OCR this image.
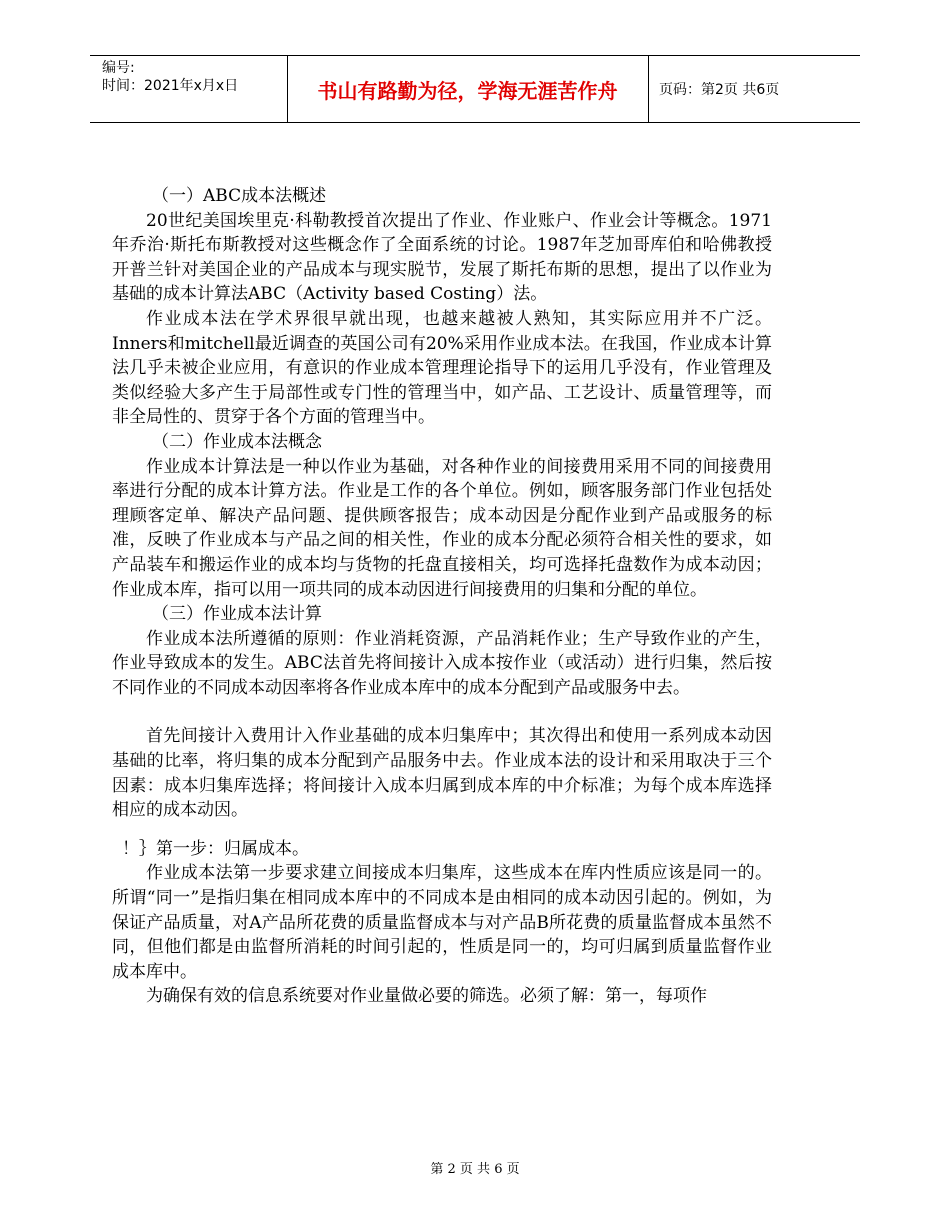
编号:
时间：2021年x月x日	书山有路勤为径，学海无涯苦作舟	页码：第2页 共6页

（一）ABC成本法概述

20世纪美国埃里克·科勒教授首次提出了作业、作业账户、作业会计等概念。1971年乔治·斯托布斯教授对这些概念作了全面系统的讨论。1987年芝加哥库伯和哈佛教授开普兰针对美国企业的产品成本与现实脱节，发展了斯托布斯的思想，提出了以作业为基础的成本计算法ABC（Activity based Costing）法。

作业成本法在学术界很早就出现，也越来越被人熟知，其实际应用并不广泛。Inners和mitchell最近调查的英国公司有20%采用作业成本法。在我国，作业成本计算法几乎未被企业应用，有意识的作业成本管理理论指导下的运用几乎没有，作业管理及类似经验大多产生于局部性或专门性的管理当中，如产品、工艺设计、质量管理等，而非全局性的、贯穿于各个方面的管理当中。

（二）作业成本法概念

作业成本计算法是一种以作业为基础，对各种作业的间接费用采用不同的间接费用率进行分配的成本计算方法。作业是工作的各个单位。例如，顾客服务部门作业包括处理顾客定单、解决产品问题、提供顾客报告；成本动因是分配作业到产品或服务的标准，反映了作业成本与产品之间的相关性，作业的成本分配必须符合相关性的要求，如产品装车和搬运作业的成本均与货物的托盘直接相关，均可选择托盘数作为成本动因；作业成本库，指可以用一项共同的成本动因进行间接费用的归集和分配的单位。

（三）作业成本法计算

作业成本法所遵循的原则：作业消耗资源，产品消耗作业；生产导致作业的产生，作业导致成本的发生。ABC法首先将间接计入成本按作业（或活动）进行归集，然后按不同作业的不同成本动因率将各作业成本库中的成本分配到产品或服务中去。

首先间接计入费用计入作业基础的成本归集库中；其次得出和使用一系列成本动因基础的比率，将归集的成本分配到产品服务中去。作业成本法的设计和采用取决于三个因素：成本归集库选择；将间接计入成本归属到成本库的中介标准；为每个成本库选择相应的成本动因。

！｝第一步：归属成本。

作业成本法第一步要求建立间接成本归集库，这些成本在库内性质应该是同一的。所谓“同一”是指归集在相同成本库中的不同成本是由相同的成本动因引起的。例如，为保证产品质量，对A产品所花费的质量监督成本与对产品B所花费的质量监督成本虽然不同，但他们都是由监督所消耗的时间引起的，性质是同一的，均可归属到质量监督作业成本库中。

为确保有效的信息系统要对作业量做必要的筛选。必须了解：第一，每项作

第 2 页 共 6 页
